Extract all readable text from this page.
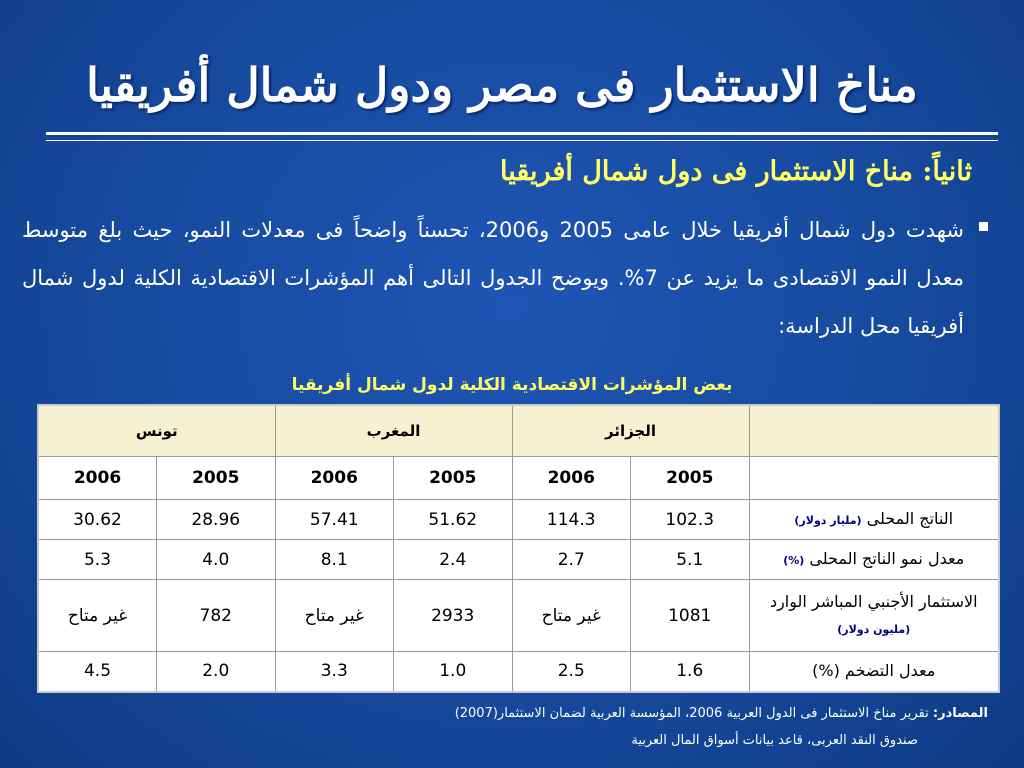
مناخ الاستثمار فى مصر ودول شمال أفريقيا
ثانياً: مناخ الاستثمار فى دول شمال أفريقيا
شهدت دول شمال أفريقيا خلال عامى 2005 و2006، تحسناً واضحاً فى معدلات النمو، حيث بلغ متوسط معدل النمو الاقتصادى ما يزيد عن 7%. ويوضح الجدول التالى أهم المؤشرات الاقتصادية الكلية لدول شمال أفريقيا محل الدراسة:
بعض المؤشرات الاقتصادية الكلية لدول شمال أفريقيا
	الجزائر		المغرب		تونس	
	2005	2006	2005	2006	2005	2006
الناتج المحلى (مليار دولار)	102.3	114.3	51.62	57.41	28.96	30.62
معدل نمو الناتج المحلى (%)	5.1	2.7	2.4	8.1	4.0	5.3
الاستثمار الأجنبي المباشر الوارد (مليون دولار)	1081	غير متاح	2933	غير متاح	782	غير متاح
معدل التضخم (%)	1.6	2.5	1.0	3.3	2.0	4.5
المصادر: تقرير مناخ الاستثمار فى الدول العربية 2006، المؤسسة العربية لضمان الاستثمار(2007)
صندوق النقد العربى، قاعد بيانات أسواق المال العربية
